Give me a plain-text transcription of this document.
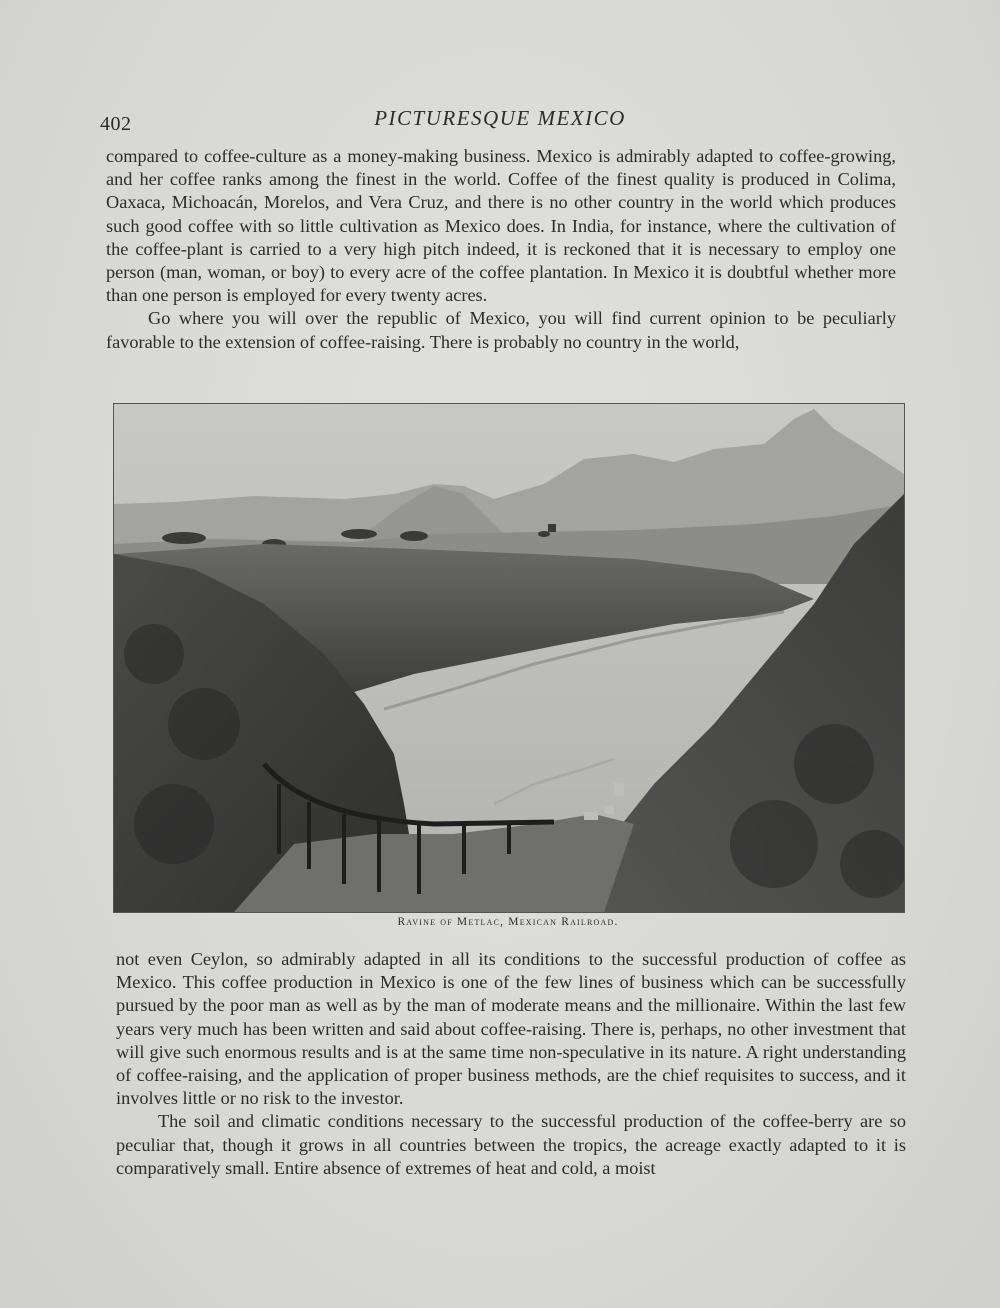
402	PICTURESQUE MEXICO

compared to coffee-culture as a money-making business. Mexico is admirably adapted to coffee-growing, and her coffee ranks among the finest in the world. Coffee of the finest quality is produced in Colima, Oaxaca, Michoacán, Morelos, and Vera Cruz, and there is no other country in the world which produces such good coffee with so little cultivation as Mexico does. In India, for instance, where the cultivation of the coffee-plant is carried to a very high pitch indeed, it is reckoned that it is necessary to employ one person (man, woman, or boy) to every acre of the coffee plantation. In Mexico it is doubtful whether more than one person is employed for every twenty acres.

Go where you will over the republic of Mexico, you will find current opinion to be peculiarly favorable to the extension of coffee-raising. There is probably no country in the world,

Ravine of Metlac, Mexican Railroad.

not even Ceylon, so admirably adapted in all its conditions to the successful production of coffee as Mexico. This coffee production in Mexico is one of the few lines of business which can be successfully pursued by the poor man as well as by the man of moderate means and the millionaire. Within the last few years very much has been written and said about coffee-raising. There is, perhaps, no other investment that will give such enormous results and is at the same time non-speculative in its nature. A right understanding of coffee-raising, and the application of proper business methods, are the chief requisites to success, and it involves little or no risk to the investor.

The soil and climatic conditions necessary to the successful production of the coffee-berry are so peculiar that, though it grows in all countries between the tropics, the acreage exactly adapted to it is comparatively small. Entire absence of extremes of heat and cold, a moist
